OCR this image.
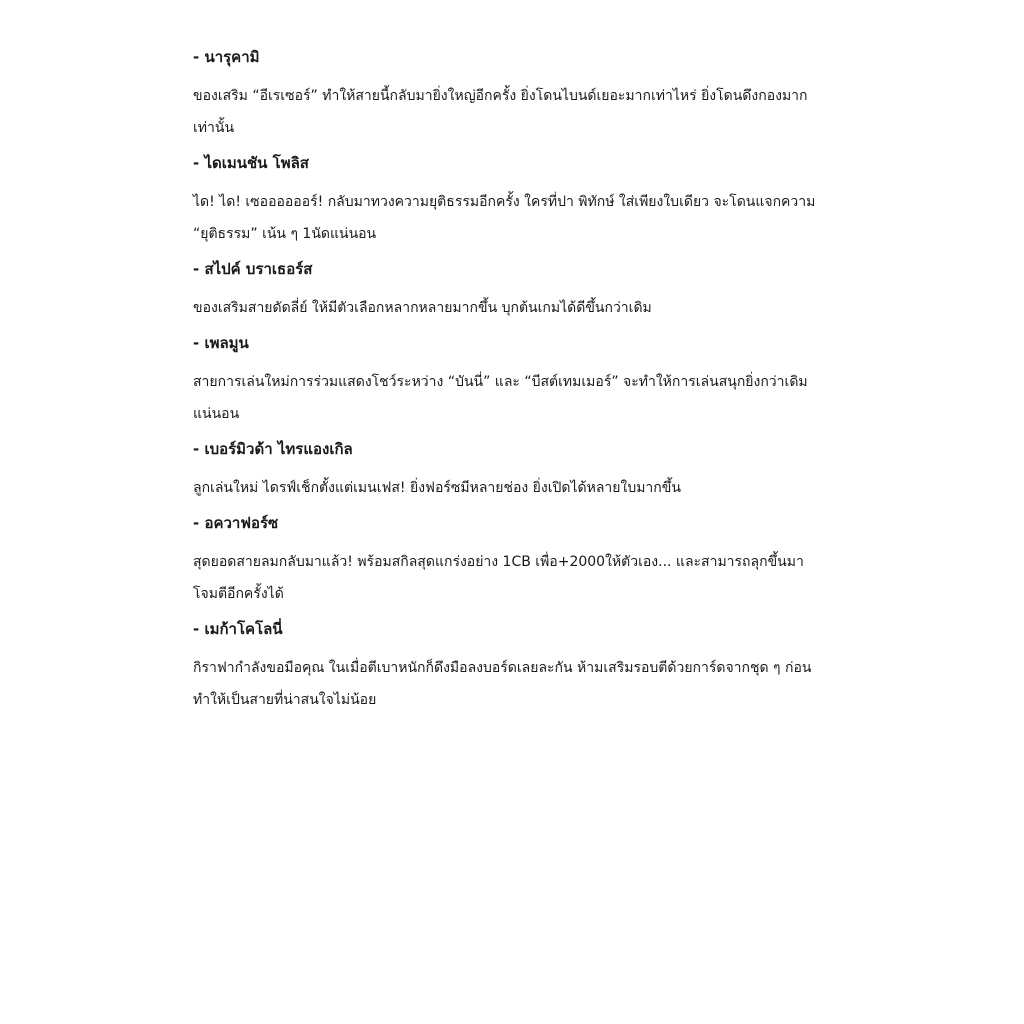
- นารุคามิ
ของเสริม “อีเรเซอร์” ทำให้สายนี้กลับมายิ่งใหญ่อีกครั้ง ยิ่งโดนไบนด์เยอะมากเท่าไหร่ ยิ่งโดนดึงกองมากเท่านั้น
- ไดเมนชัน โพลิส
ได! ได! เซออออออร์! กลับมาทวงความยุติธรรมอีกครั้ง ใครที่ปา พิทักษ์ ใส่เพียงใบเดียว จะโดนแจกความ “ยุติธรรม” เน้น ๆ 1นัดแน่นอน
- สไปค์ บราเธอร์ส
ของเสริมสายดัดลี่ย์ ให้มีตัวเลือกหลากหลายมากขึ้น บุกต้นเกมได้ดีขึ้นกว่าเดิม
- เพลมูน
สายการเล่นใหม่การร่วมแสดงโชว์ระหว่าง “บันนี่” และ “บีสต์เทมเมอร์” จะทำให้การเล่นสนุกยิ่งกว่าเดิมแน่นอน
- เบอร์มิวด้า ไทรแองเกิล
ลูกเล่นใหม่ ไดรฟ์เช็กตั้งแต่เมนเฟส! ยิ่งฟอร์ซมีหลายช่อง ยิ่งเปิดได้หลายใบมากขึ้น
- อควาฟอร์ซ
สุดยอดสายลมกลับมาแล้ว! พร้อมสกิลสุดแกร่งอย่าง 1CB เพื่อ+2000ให้ตัวเอง... และสามารถลุกขึ้นมาโจมตีอีกครั้งได้
- เมก้าโคโลนี่
กิราฟากำลังขอมือคุณ ในเมื่อตีเบาหนักก็ดึงมือลงบอร์ดเลยละกัน ห้ามเสริมรอบตีด้วยการ์ดจากชุด ๆ ก่อน ทำให้เป็นสายที่น่าสนใจไม่น้อย
